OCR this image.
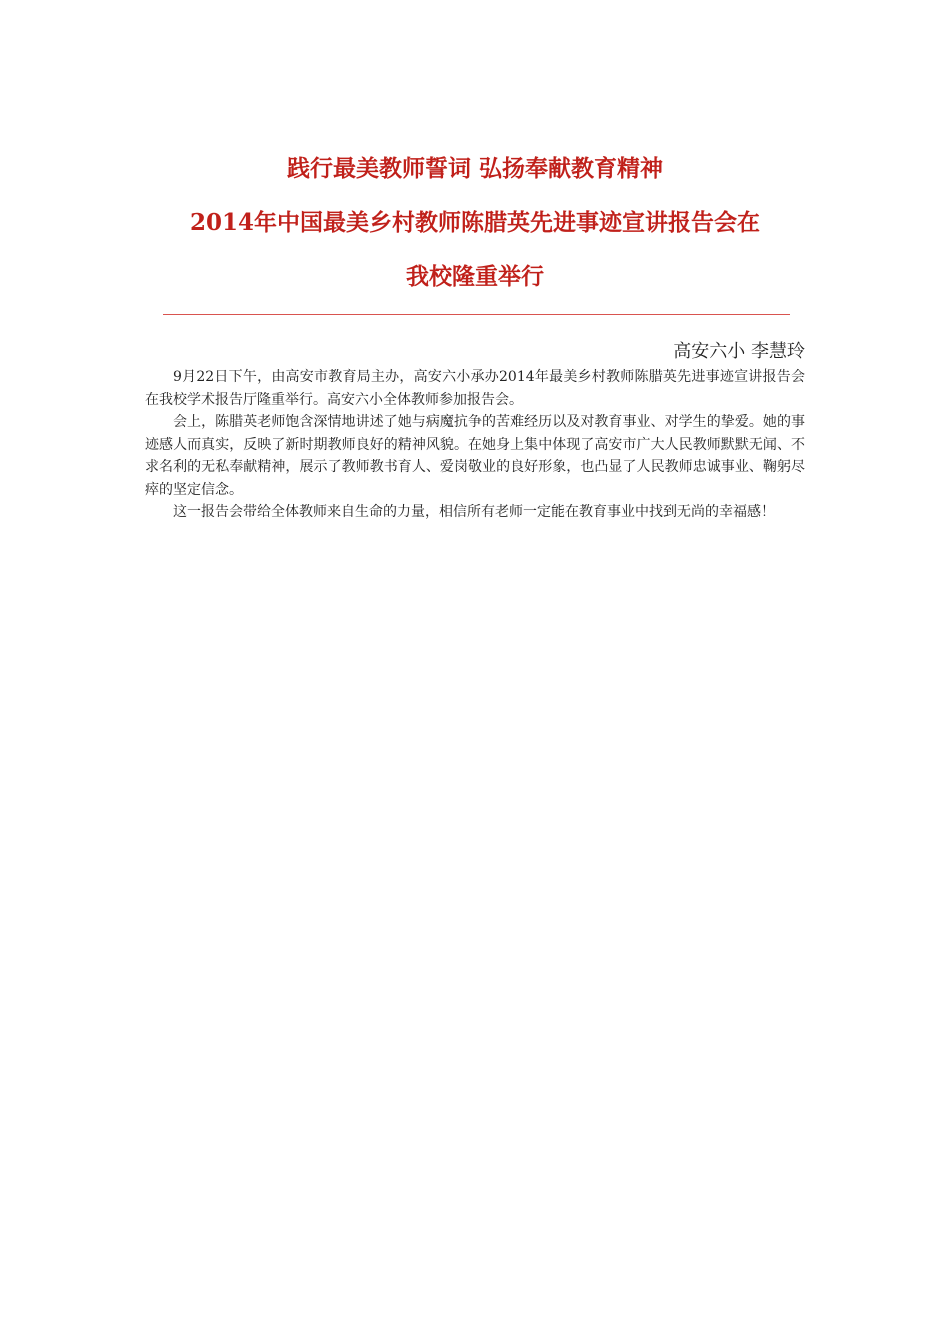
践行最美教师誓词 弘扬奉献教育精神
2014年中国最美乡村教师陈腊英先进事迹宣讲报告会在
我校隆重举行
高安六小 李慧玲

9月22日下午，由高安市教育局主办，高安六小承办2014年最美乡村教师陈腊英先进事迹宣讲报告会在我校学术报告厅隆重举行。高安六小全体教师参加报告会。

会上，陈腊英老师饱含深情地讲述了她与病魔抗争的苦难经历以及对教育事业、对学生的挚爱。她的事迹感人而真实，反映了新时期教师良好的精神风貌。在她身上集中体现了高安市广大人民教师默默无闻、不求名利的无私奉献精神，展示了教师教书育人、爱岗敬业的良好形象，也凸显了人民教师忠诚事业、鞠躬尽瘁的坚定信念。

这一报告会带给全体教师来自生命的力量，相信所有老师一定能在教育事业中找到无尚的幸福感！
